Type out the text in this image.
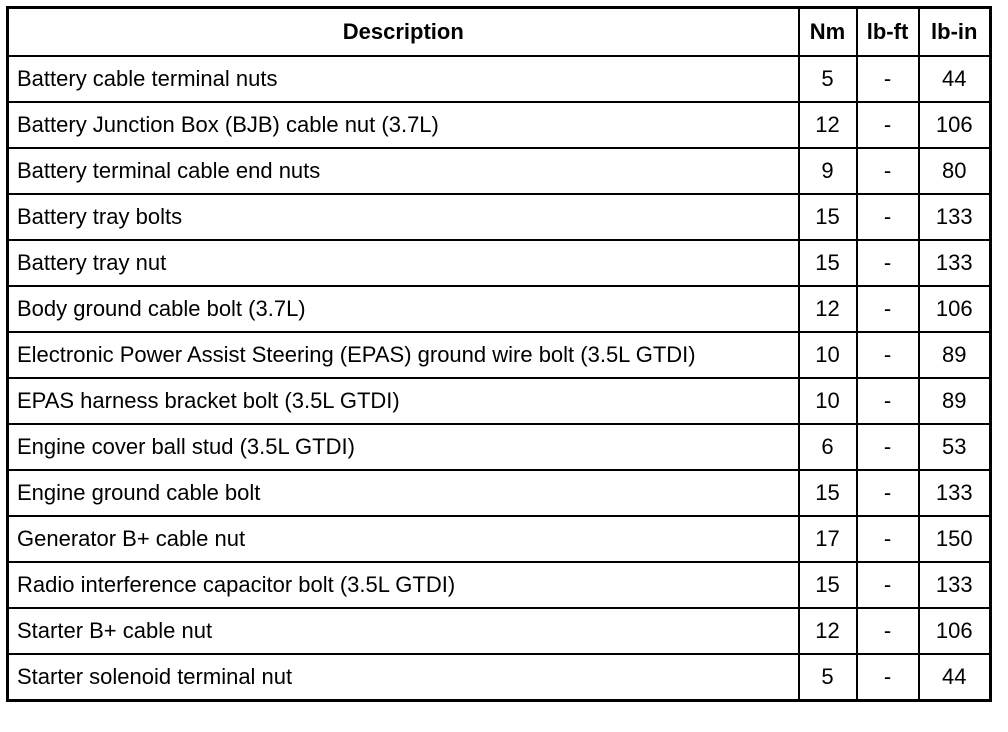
Description	Nm	lb-ft	lb-in
Battery cable terminal nuts	5	-	44
Battery Junction Box (BJB) cable nut (3.7L)	12	-	106
Battery terminal cable end nuts	9	-	80
Battery tray bolts	15	-	133
Battery tray nut	15	-	133
Body ground cable bolt (3.7L)	12	-	106
Electronic Power Assist Steering (EPAS) ground wire bolt (3.5L GTDI)	10	-	89
EPAS harness bracket bolt (3.5L GTDI)	10	-	89
Engine cover ball stud (3.5L GTDI)	6	-	53
Engine ground cable bolt	15	-	133
Generator B+ cable nut	17	-	150
Radio interference capacitor bolt (3.5L GTDI)	15	-	133
Starter B+ cable nut	12	-	106
Starter solenoid terminal nut	5	-	44
